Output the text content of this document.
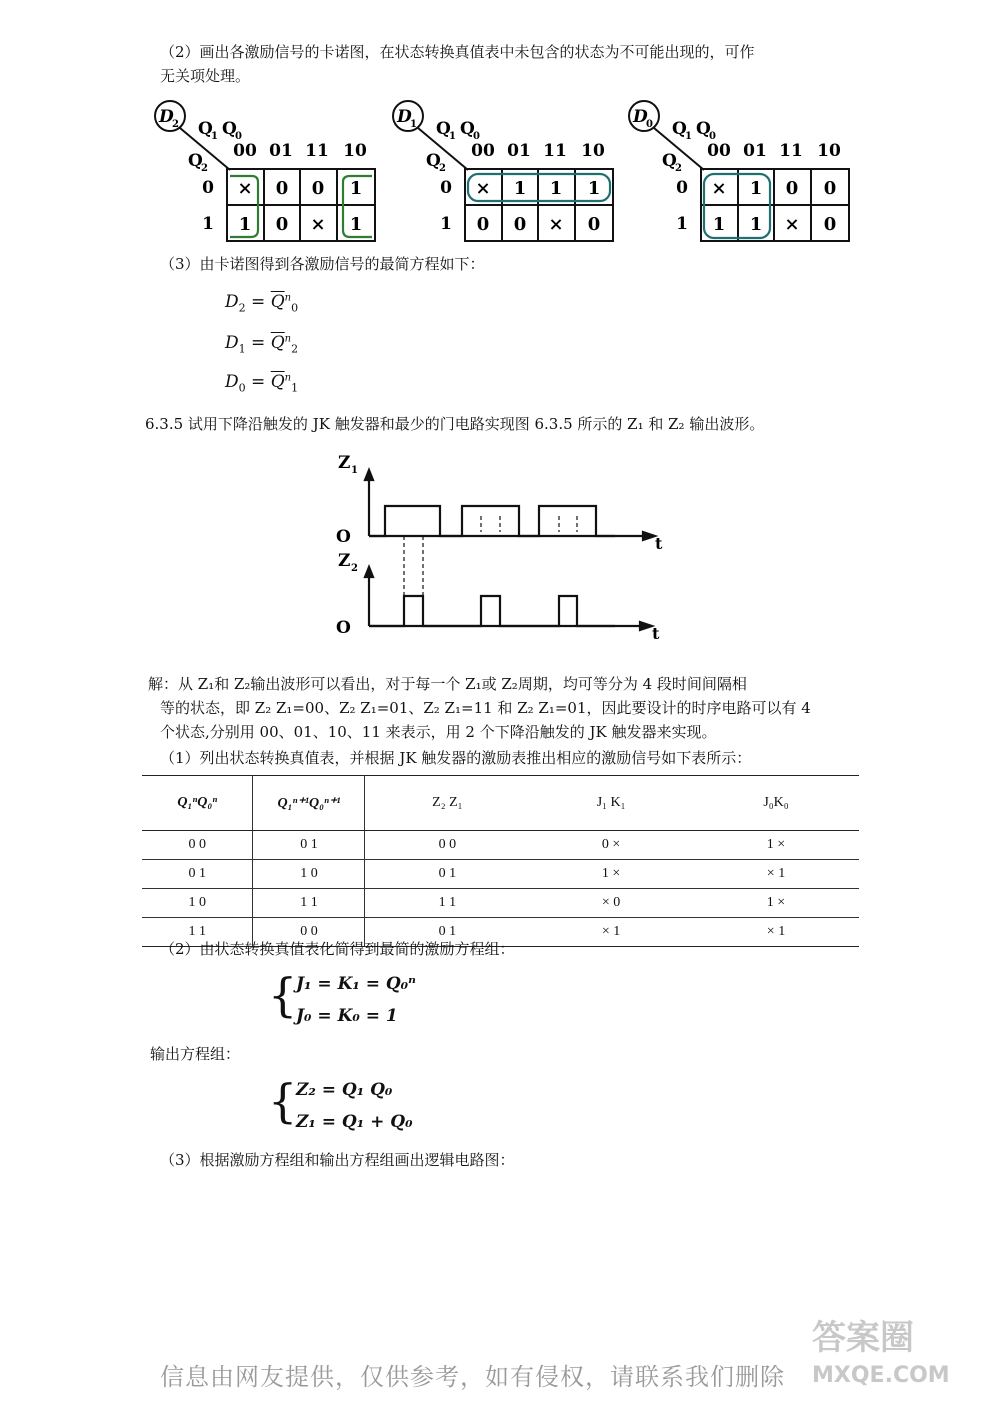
（2）画出各激励信号的卡诺图，在状态转换真值表中未包含的状态为不可能出现的，可作
无关项处理。
D
2 Q
1 Q
0
Q
2
00 01 11 10
0
1
× 0 0 1
1 0 × 1
D
1 Q
1 Q
0
Q
2
00 01 11 10
0
1
× 1 1 1
0 0 × 0
D
0 Q
1 Q
0
Q
2
00 01 11 10
0
1
× 1 0 0
1 1 × 0
（3）由卡诺图得到各激励信号的最简方程如下：
$D_2 = \overline{Q}^n_0$
$D_1 = \overline{Q}^n_2$
$D_0 = \overline{Q}^n_1$
6.3.5 试用下降沿触发的 JK 触发器和最少的门电路实现图 6.3.5 所示的 Z₁ 和 Z₂ 输出波形。
Z 1
Z 2
O
O
t
t
解：从 Z₁和 Z₂输出波形可以看出，对于每一个 Z₁或 Z₂周期，均可等分为 4 段时间间隔相
等的状态，即 Z₂ Z₁=00、Z₂ Z₁=01、Z₂ Z₁=11 和 Z₂ Z₁=01，因此要设计的时序电路可以有 4
个状态,分别用 00、01、10、11 来表示，用 2 个下降沿触发的 JK 触发器来实现。
（1）列出状态转换真值表，并根据 JK 触发器的激励表推出相应的激励信号如下表所示：
Q₁ⁿQ₀ⁿ	Q₁ⁿ⁺¹Q₀ⁿ⁺¹	Z₂ Z₁	J₁ K₁	J₀K₀
0 0	0 1	0 0	0 ×	1 ×
0 1	1 0	0 1	1 ×	× 1
1 0	1 1	1 1	× 0	1 ×
1 1	0 0	0 1	× 1	× 1
（2）由状态转换真值表化简得到最简的激励方程组：
{
J₁ = K₁ = Q₀ⁿ
J₀ = K₀ = 1
输出方程组：
{
Z₂ = Q₁ Q₀
Z₁ = Q₁ + Q₀
（3）根据激励方程组和输出方程组画出逻辑电路图：
答案圈
MXQE.COM
信息由网友提供，仅供参考，如有侵权，请联系我们删除
